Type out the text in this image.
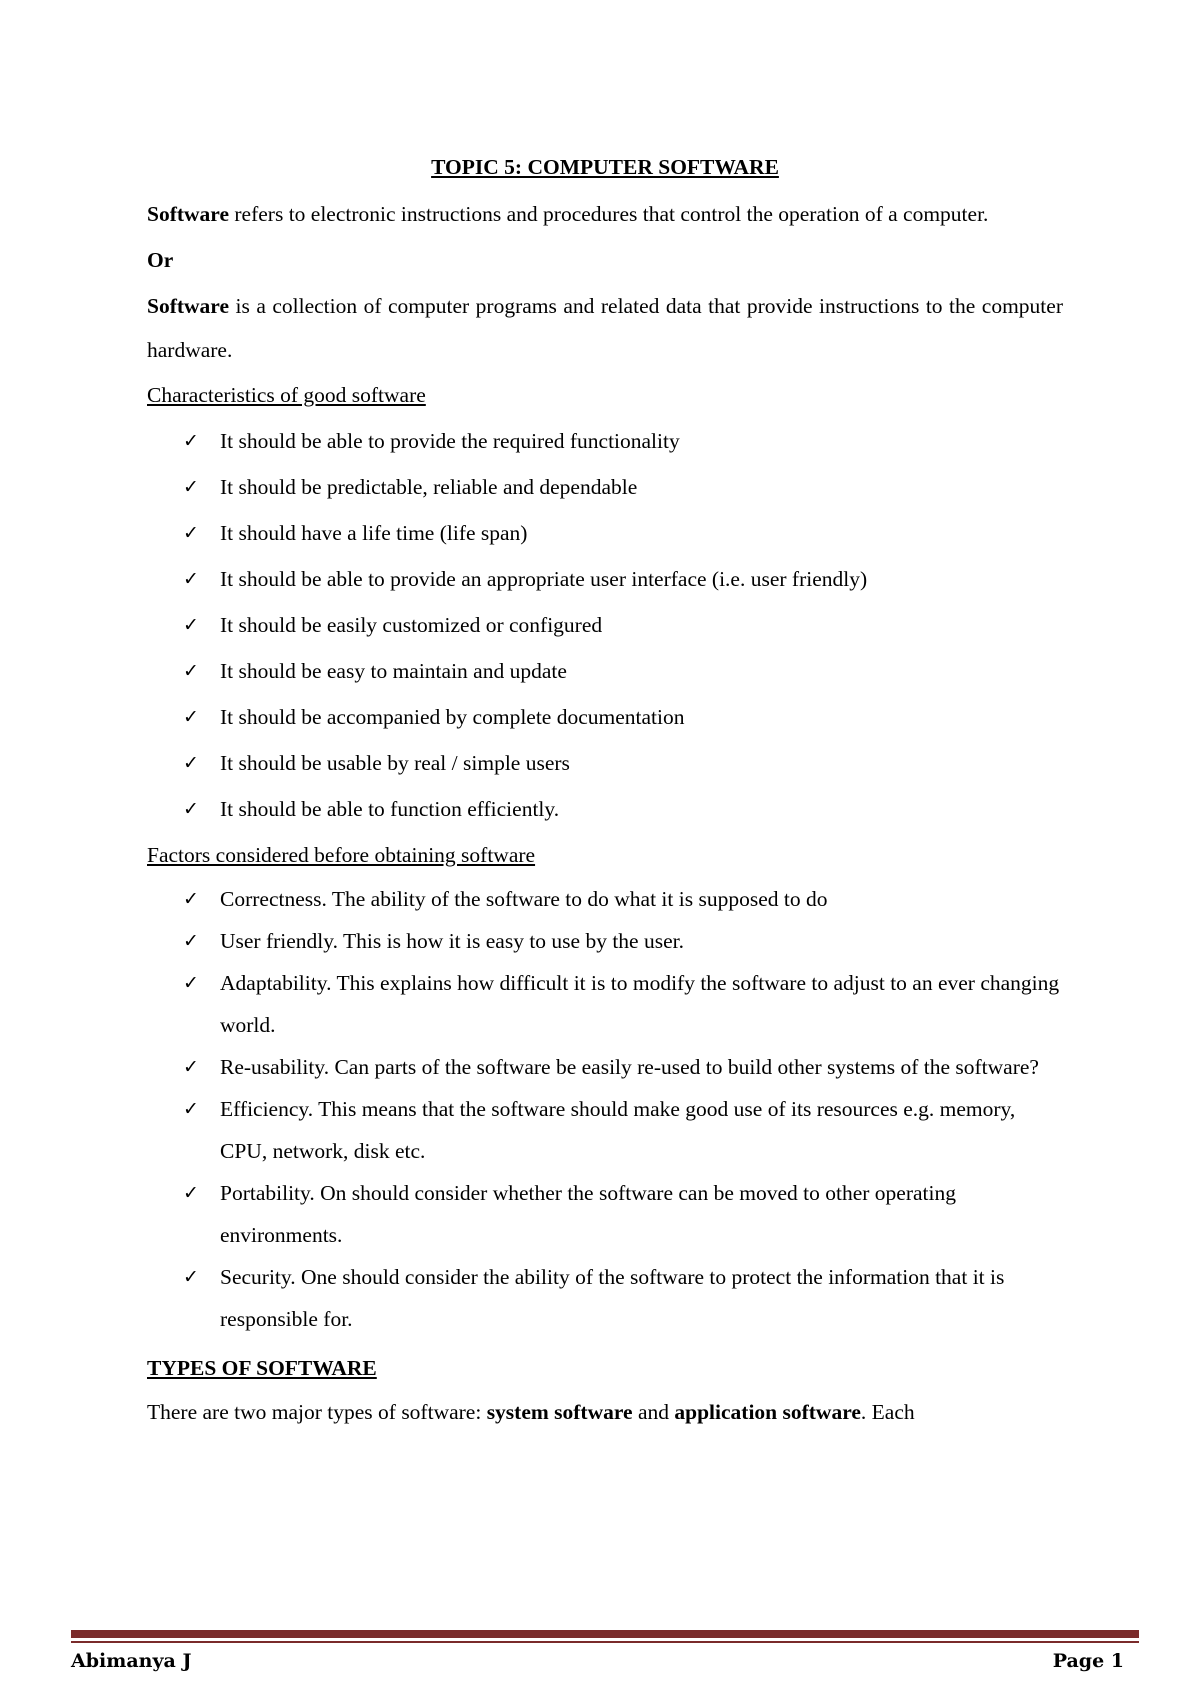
TOPIC 5: COMPUTER SOFTWARE

Software refers to electronic instructions and procedures that control the operation of a computer.

Or

Software is a collection of computer programs and related data that provide instructions to the computer hardware.

Characteristics of good software

✓ It should be able to provide the required functionality
✓ It should be predictable, reliable and dependable
✓ It should have a life time (life span)
✓ It should be able to provide an appropriate user interface (i.e. user friendly)
✓ It should be easily customized or configured
✓ It should be easy to maintain and update
✓ It should be accompanied by complete documentation
✓ It should be usable by real / simple users
✓ It should be able to function efficiently.

Factors considered before obtaining software

✓ Correctness. The ability of the software to do what it is supposed to do
✓ User friendly. This is how it is easy to use by the user.
✓ Adaptability. This explains how difficult it is to modify the software to adjust to an ever changing world.
✓ Re-usability. Can parts of the software be easily re-used to build other systems of the software?
✓ Efficiency. This means that the software should make good use of its resources e.g. memory, CPU, network, disk etc.
✓ Portability. On should consider whether the software can be moved to other operating environments.
✓ Security. One should consider the ability of the software to protect the information that it is responsible for.

TYPES OF SOFTWARE

There are two major types of software: system software and application software. Each

Abimanya J	Page 1
